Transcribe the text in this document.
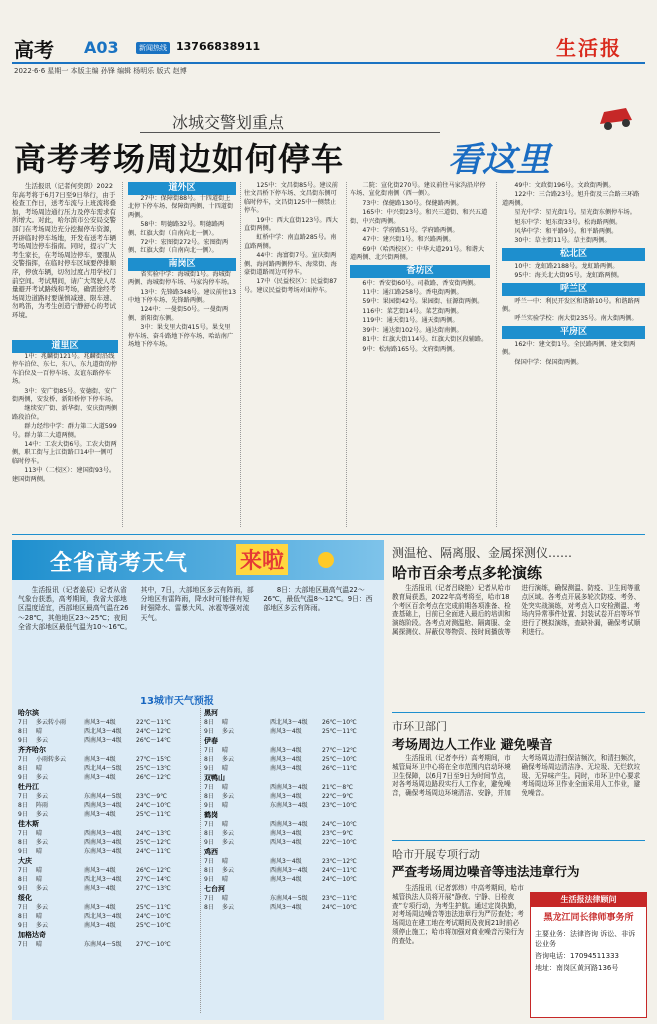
高考 A03	新闻热线 13766838911	生活报
2022·6·6 星期一 本版主编 孙锋 编辑 杨明乐 版式 赵博
冰城交警划重点
高考考场周边如何停车	看这里

生活报讯（记者何奕朗）2022年高考将于6月7日至9日举行，由于检查工作日，送考车流与上班流将叠加，考场周边通行压力及停车需求有所增大。对此，哈尔滨市公安局交警部门在考场周边充分挖掘停车资源，开辟临时停车场地，开发布送考车辆考场周边停车指南。同时，提示广大考生家长，在考场周边停车，要服从交警指挥，在临时停车区域要停排顺序，停放车辆，切勿过度占用学校门前空间。考试期间，请广大驾驶人尽量避开考试路线和考场，确需途经考场周边道路时要谨慎减速、限车速、勿鸣笛，为考生创造宁静舒心的考试环境。

道里区

1中：兆麟街121号。兆麟街沿线停车泊位、东七、东八、东九道街的停车泊位及一百停车场、友谊东路停车场。

3中：安广街85号。安德街、安广街两侧，安发桥、新阳桥停下停车场。

继续安广街、新华街、安庆街两侧路段泊位。

群力经纬中学：群力第二大道599号。群力第二大道两侧。

14中：工农大街6号。工农大街两侧，职工街与上江街路口14中一侧可临时停车。

113中（二校区）：建国街93号。建国街两侧。

道外区

27中：保障街88号。十四道街上北停下停车场、保障街两侧、十四道街两侧。

58中：明德路32号。明德路两侧、红旗大街（自南向北一侧）。

72中：宏图街272号。宏图街两侧、红旗大街（自南向北一侧）。

南岗区

省实验中学：海城街1号。海城街两侧、海城街停车场、马家沟停车场。

13中：先锋路348号。建议前往13中地下停车场、先锋路两侧。

124中：一曼街50号。一曼街两侧、新阳街东侧。

3中：果戈里大街415号。果戈里停车场、奋斗路地下停车场、哈站南广场地下停车场。

125中：文昌街85号。建议前往文昌桥下停车场、文昌街东侧可临时停车，文昌街125中一侧禁止停车。

19中：西大直街123号。西大直街两侧。

虹桥中学：南直路285号。南直路两侧。

44中：海富街7号。宣庆街两侧、海河路两侧停车、海棠街、海豪街道路周边可停车。

17中（民益校区）：民益街87号。建议民益街考场对面停车。

二院：宣化街270号。建议前往马家沟沿岸停车场、宣化街南侧（西一侧）。

73中：保健路130号。保健路两侧。

165中：中兴街23号。和兴三道街、和兴五道街、中兴街两侧。

47中：学府路51号。学府路两侧。

47中：建兴街1号。和兴路两侧。

69中（哈西校区）：中华大道291号。和谐大道两侧、北兴街两侧。

香坊区

6中：香安街60号。司救路、香安街两侧。

11中：通江路258号。香电街两侧。

59中：果园街42号。果园街、征源街两侧。

116中：菜艺街14号。菜艺街两侧。

119中：通天街1号。通天街两侧。

39中：通达街102号。通达街南侧。

81中：红旗大街114号。红旗大街区段辅路。

9中：松海路165号。文府街两侧。

49中：文政街196号。文政街两侧。

122中：三合路23号。旭升街及三合路三环路道两侧。

星光中学：星光街1号。星光街东侧停车场。

旭东中学：旭东街33号。松海路两侧。

风华中学：和平路9号。和平路两侧。

30中：草主街11号。草主街两侧。

松北区

10中：龙虹路2188号。龙虹路两侧。

95中：海关北大街95号。龙虹路两侧。

呼兰区

呼兰一中：利民开发区和谐路10号。和谐路两侧。

呼兰实验学校：南大街235号。南大街两侧。

平房区

162中：建文街1号。全民路两侧、建文街两侧。

保国中学：保国街两侧。

全省高考天气 来啦

生活报讯（记者姜辰）记者从省气象台获悉，高考期间，我省大部地区温度适宜，西部地区最高气温在26～28℃，其他地区23～25℃；夜间全省大部地区最低气温为10～16℃。其中，7日，大部地区多云有阵雨，部分地区有雷阵雨，降水时可能伴有短时强降水、雷暴大风、冰雹等强对流天气。

8日：大部地区最高气温22～26℃，最低气温8～12℃。9日：西部地区多云有阵雨。

13城市天气预报
哈尔滨
7日	多云转小雨	南风3～4级	22℃～11℃
8日	晴	西北风3～4级	24℃～12℃
9日	多云	西南风3～4级	26℃～14℃
齐齐哈尔
7日	小雨转多云	南风3～4级	27℃～15℃
8日	晴	西北风4～5级	25℃～13℃
9日	多云	南风3～4级	26℃～12℃
牡丹江
7日	多云	东南风4～5级	23℃～9℃
8日	阵雨	西南风3～4级	24℃～10℃
9日	多云	南风3～4级	25℃～11℃
佳木斯
7日	晴	西南风3～4级	24℃～13℃
8日	多云	西南风3～4级	25℃～12℃
9日	晴	东南风3～4级	24℃～11℃
大庆
7日	晴	南风3～4级	26℃～12℃
8日	晴	西北风3～4级	27℃～14℃
9日	多云	南风3～4级	27℃～13℃
绥化
7日	多云	南风3～4级	25℃～11℃
8日	晴	西北风3～4级	24℃～10℃
9日	多云	南风3～4级	25℃～10℃
加格达奇
7日	晴	东南风4～5级	27℃～10℃
黑河
8日	晴	西北风3～4级	26℃～10℃
9日	多云	南风3～4级	25℃～11℃
伊春
7日	晴	南风3～4级	27℃～12℃
8日	多云	南风3～4级	25℃～10℃
9日	晴	南风3～4级	26℃～11℃
双鸭山
7日	晴	西南风3～4级	21℃～8℃
8日	多云	南风3～4级	22℃～9℃
9日	晴	东南风3～4级	23℃～10℃
鹤岗
7日	晴	西南风3～4级	24℃～10℃
8日	多云	南风3～4级	23℃～9℃
9日	多云	西风3～4级	22℃～10℃
鸡西
7日	晴	南风3～4级	23℃～12℃
8日	多云	西南风3～4级	24℃～11℃
9日	晴	南风3～4级	24℃～10℃
七台河
7日	晴	东南风4～5级	23℃～11℃
8日	多云	西风3～4级	24℃～10℃
测温枪、隔离服、金属探测仪……
哈市百余考点多轮演练

生活报讯（记者吕晓艳）记者从哈市教育局获悉，2022年高考将至，哈市18个考区百余考点在完成前期各项准备、检查基础上，日前已全面进入最后的培训和演练阶段。各考点对测温枪、隔离服、金属探测仪、屏蔽仪等物资、按时间播放等进行演练，确保测温、防疫、卫生间等重点区域。各考点开展多轮次防疫、考务、处突实战演练，对考点入口安检测温、考场内异常事件处置、封装试卷开启等环节进行了模拟演练，查缺补漏，确保考试顺利进行。

市环卫部门
考场周边人工作业 避免噪音

生活报讯（记者李丹）高考期间，市城管局环卫中心将在全市范围内启动环境卫生保障，以6月7日至9日为时间节点，对各考场周边路段实行人工作业，避免噪音，确保考场周边环境清洁、安静，并加大考场周边清扫保洁频次，和清扫频次，确保考场周边清洁净、无垃圾、无烂软垃圾、无异味产生。同时，市环卫中心要求考场周边环卫作业全面采用人工作业，避免噪音。

哈市开展专项行动
严查考场周边噪音等违法违章行为

生活报讯（记者郭炜）中高考期间，哈市城管执法人员将开展“静夜、宁静、日检夜查”专项行动，为考生护航。通过定岗执勤，对考场周边噪音等违法违章行为严厉查处；考场周边在建工地在考试期间及夜间21时前必须停止施工；哈市将加强对商业噪音污染行为的查处。

生活报法律顾问
黑龙江同长律师事务所
主要业务：法律咨询 诉讼、非诉讼业务
咨询电话：17094511333
地址：南岗区黄河路136号
